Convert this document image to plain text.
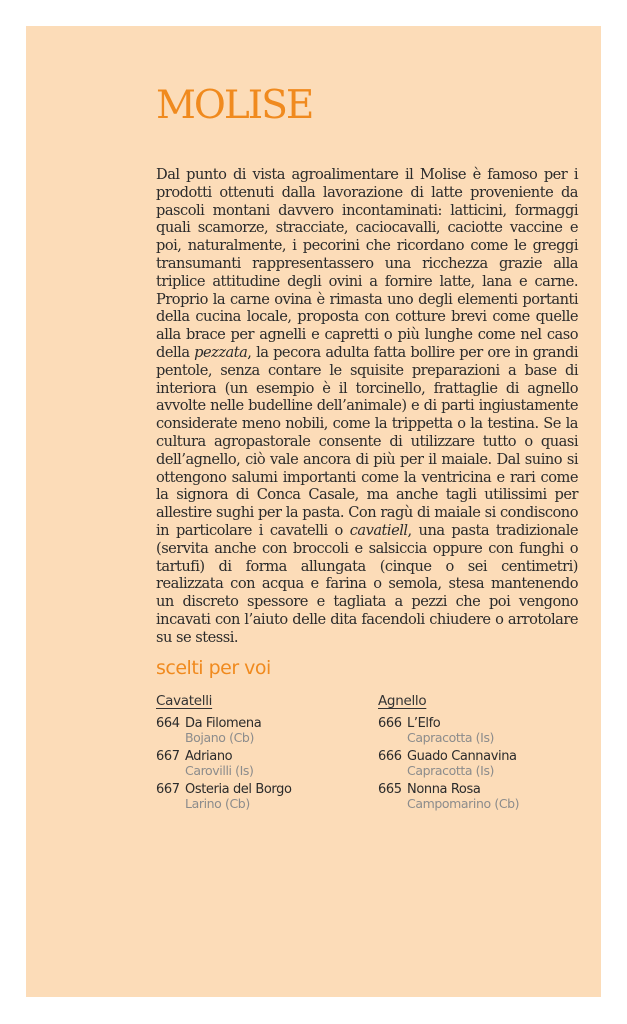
MOLISE

Dal punto di vista agroalimentare il Molise è famoso per i prodotti ottenuti dalla lavorazione di latte proveniente da pascoli montani davvero incontaminati: latticini, formaggi quali scamorze, stracciate, caciocavalli, caciotte vaccine e poi, naturalmente, i pecorini che ricordano come le greggi transumanti rappresentassero una ricchezza grazie alla triplice attitudine degli ovini a fornire latte, lana e carne. Proprio la carne ovina è rimasta uno degli elementi portanti della cucina locale, proposta con cotture brevi come quelle alla brace per agnelli e capretti o più lunghe come nel caso della pezzata, la pecora adulta fatta bollire per ore in grandi pentole, senza contare le squisite preparazioni a base di interiora (un esempio è il torcinello, frattaglie di agnello avvolte nelle budelline dell’animale) e di parti ingiustamente considerate meno nobili, come la trippetta o la testina. Se la cultura agropastorale consente di utilizzare tutto o quasi dell’agnello, ciò vale ancora di più per il maiale. Dal suino si ottengono salumi importanti come la ventricina e rari come la signora di Conca Casale, ma anche tagli utilissimi per allestire sughi per la pasta. Con ragù di maiale si condiscono in particolare i cavatelli o cavatiell, una pasta tradizionale (servita anche con broccoli e salsiccia oppure con funghi o tartufi) di forma allungata (cinque o sei centimetri) realizzata con acqua e farina o semola, stesa mantenendo un discreto spessore e tagliata a pezzi che poi vengono incavati con l’aiuto delle dita facendoli chiudere o arrotolare su se stessi.

scelti per voi
Cavatelli
664 Da Filomena
Bojano (Cb)
667 Adriano
Carovilli (Is)
667 Osteria del Borgo
Larino (Cb)
Agnello
666 L’Elfo
Capracotta (Is)
666 Guado Cannavina
Capracotta (Is)
665 Nonna Rosa
Campomarino (Cb)
